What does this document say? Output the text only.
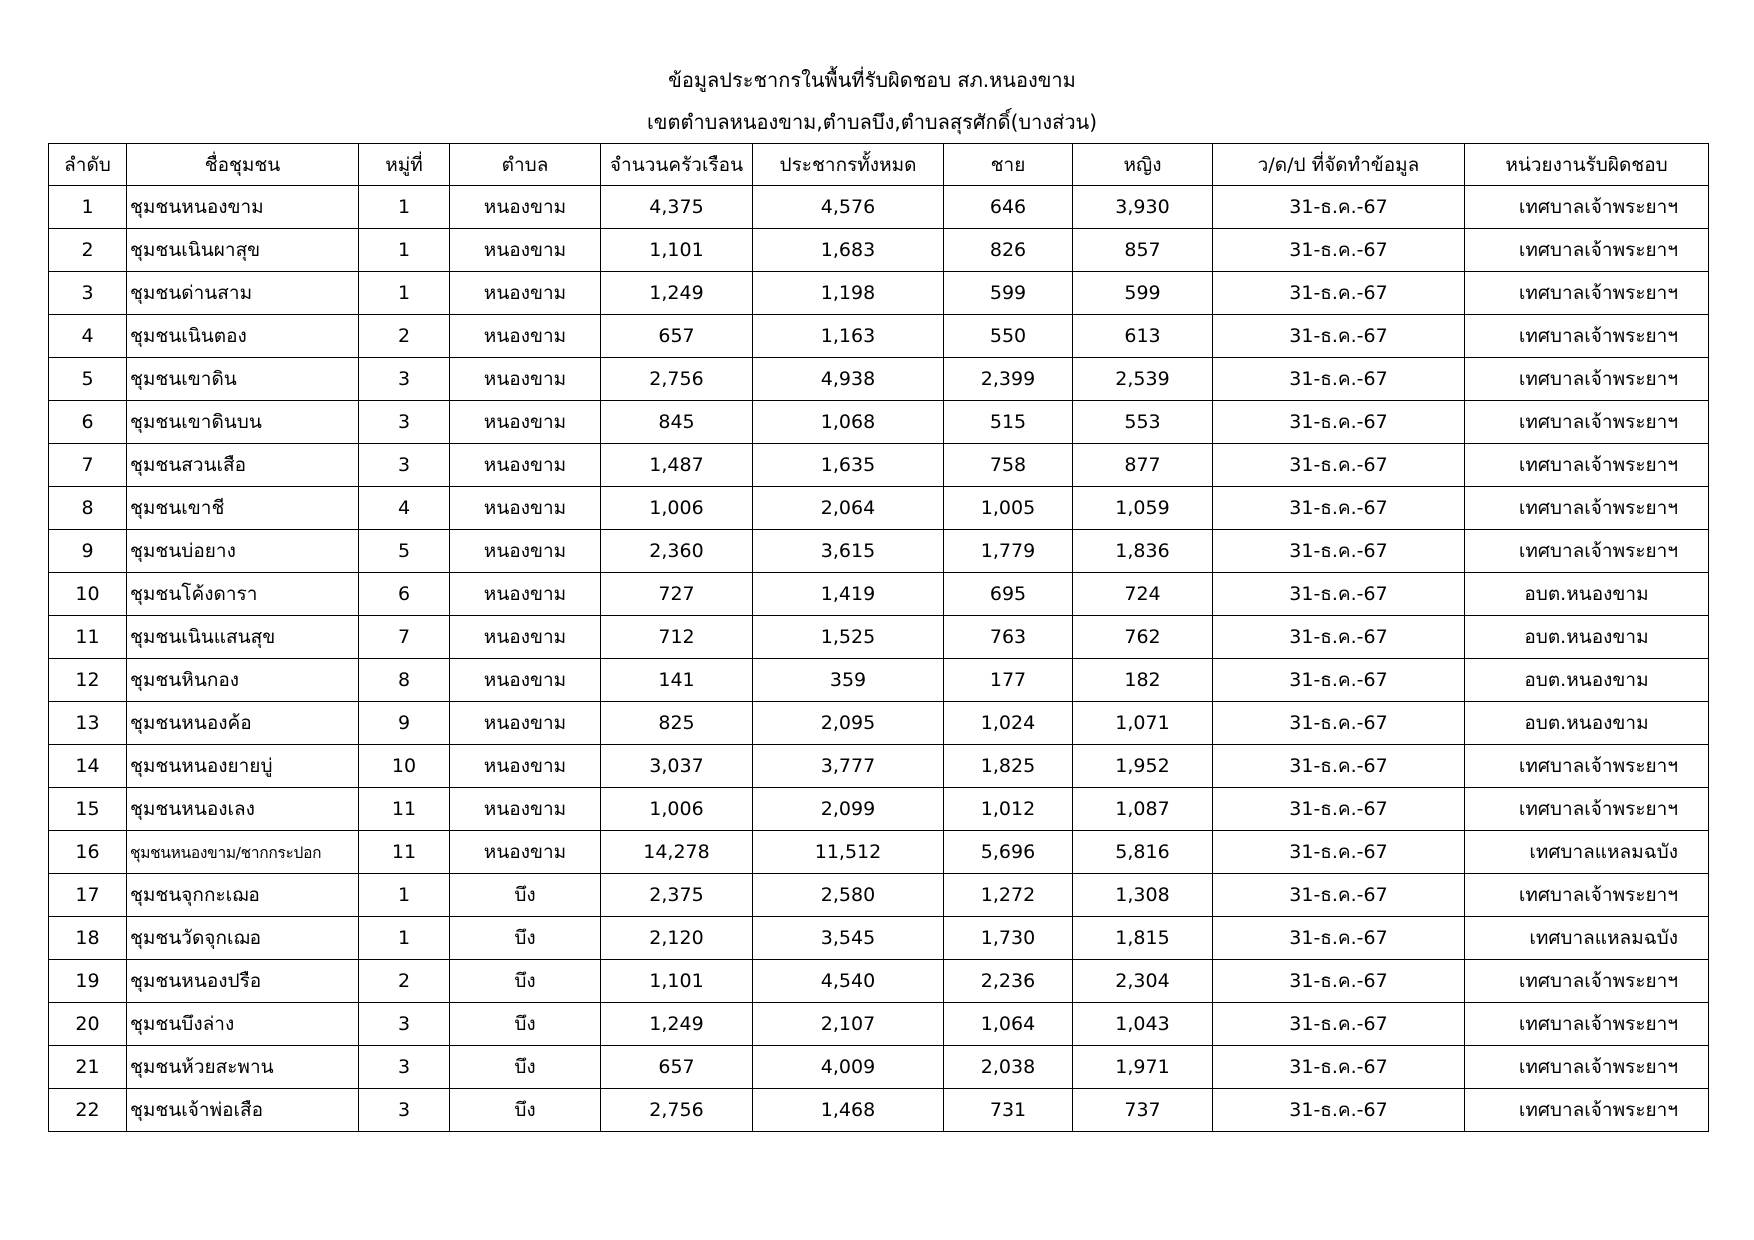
ข้อมูลประชากรในพื้นที่รับผิดชอบ สภ.หนองขาม
เขตตำบลหนองขาม,ตำบลบึง,ตำบลสุรศักดิ์(บางส่วน)
ลำดับ	ชื่อชุมชน	หมู่ที่	ตำบล	จำนวนครัวเรือน	ประชากรทั้งหมด	ชาย	หญิง	ว/ด/ป ที่จัดทำข้อมูล	หน่วยงานรับผิดชอบ
1	ชุมชนหนองขาม	1	หนองขาม	4,375	4,576	646	3,930	31-ธ.ค.-67	เทศบาลเจ้าพระยาฯ
2	ชุมชนเนินผาสุข	1	หนองขาม	1,101	1,683	826	857	31-ธ.ค.-67	เทศบาลเจ้าพระยาฯ
3	ชุมชนด่านสาม	1	หนองขาม	1,249	1,198	599	599	31-ธ.ค.-67	เทศบาลเจ้าพระยาฯ
4	ชุมชนเนินตอง	2	หนองขาม	657	1,163	550	613	31-ธ.ค.-67	เทศบาลเจ้าพระยาฯ
5	ชุมชนเขาดิน	3	หนองขาม	2,756	4,938	2,399	2,539	31-ธ.ค.-67	เทศบาลเจ้าพระยาฯ
6	ชุมชนเขาดินบน	3	หนองขาม	845	1,068	515	553	31-ธ.ค.-67	เทศบาลเจ้าพระยาฯ
7	ชุมชนสวนเสือ	3	หนองขาม	1,487	1,635	758	877	31-ธ.ค.-67	เทศบาลเจ้าพระยาฯ
8	ชุมชนเขาชี	4	หนองขาม	1,006	2,064	1,005	1,059	31-ธ.ค.-67	เทศบาลเจ้าพระยาฯ
9	ชุมชนบ่อยาง	5	หนองขาม	2,360	3,615	1,779	1,836	31-ธ.ค.-67	เทศบาลเจ้าพระยาฯ
10	ชุมชนโค้งดารา	6	หนองขาม	727	1,419	695	724	31-ธ.ค.-67	อบต.หนองขาม
11	ชุมชนเนินแสนสุข	7	หนองขาม	712	1,525	763	762	31-ธ.ค.-67	อบต.หนองขาม
12	ชุมชนหินกอง	8	หนองขาม	141	359	177	182	31-ธ.ค.-67	อบต.หนองขาม
13	ชุมชนหนองค้อ	9	หนองขาม	825	2,095	1,024	1,071	31-ธ.ค.-67	อบต.หนองขาม
14	ชุมชนหนองยายบู่	10	หนองขาม	3,037	3,777	1,825	1,952	31-ธ.ค.-67	เทศบาลเจ้าพระยาฯ
15	ชุมชนหนองเลง	11	หนองขาม	1,006	2,099	1,012	1,087	31-ธ.ค.-67	เทศบาลเจ้าพระยาฯ
16	ชุมชนหนองขาม/ชากกระปอก	11	หนองขาม	14,278	11,512	5,696	5,816	31-ธ.ค.-67	เทศบาลแหลมฉบัง
17	ชุมชนจุกกะเฌอ	1	บึง	2,375	2,580	1,272	1,308	31-ธ.ค.-67	เทศบาลเจ้าพระยาฯ
18	ชุมชนวัดจุกเฌอ	1	บึง	2,120	3,545	1,730	1,815	31-ธ.ค.-67	เทศบาลแหลมฉบัง
19	ชุมชนหนองปรือ	2	บึง	1,101	4,540	2,236	2,304	31-ธ.ค.-67	เทศบาลเจ้าพระยาฯ
20	ชุมชนบึงล่าง	3	บึง	1,249	2,107	1,064	1,043	31-ธ.ค.-67	เทศบาลเจ้าพระยาฯ
21	ชุมชนห้วยสะพาน	3	บึง	657	4,009	2,038	1,971	31-ธ.ค.-67	เทศบาลเจ้าพระยาฯ
22	ชุมชนเจ้าพ่อเสือ	3	บึง	2,756	1,468	731	737	31-ธ.ค.-67	เทศบาลเจ้าพระยาฯ
